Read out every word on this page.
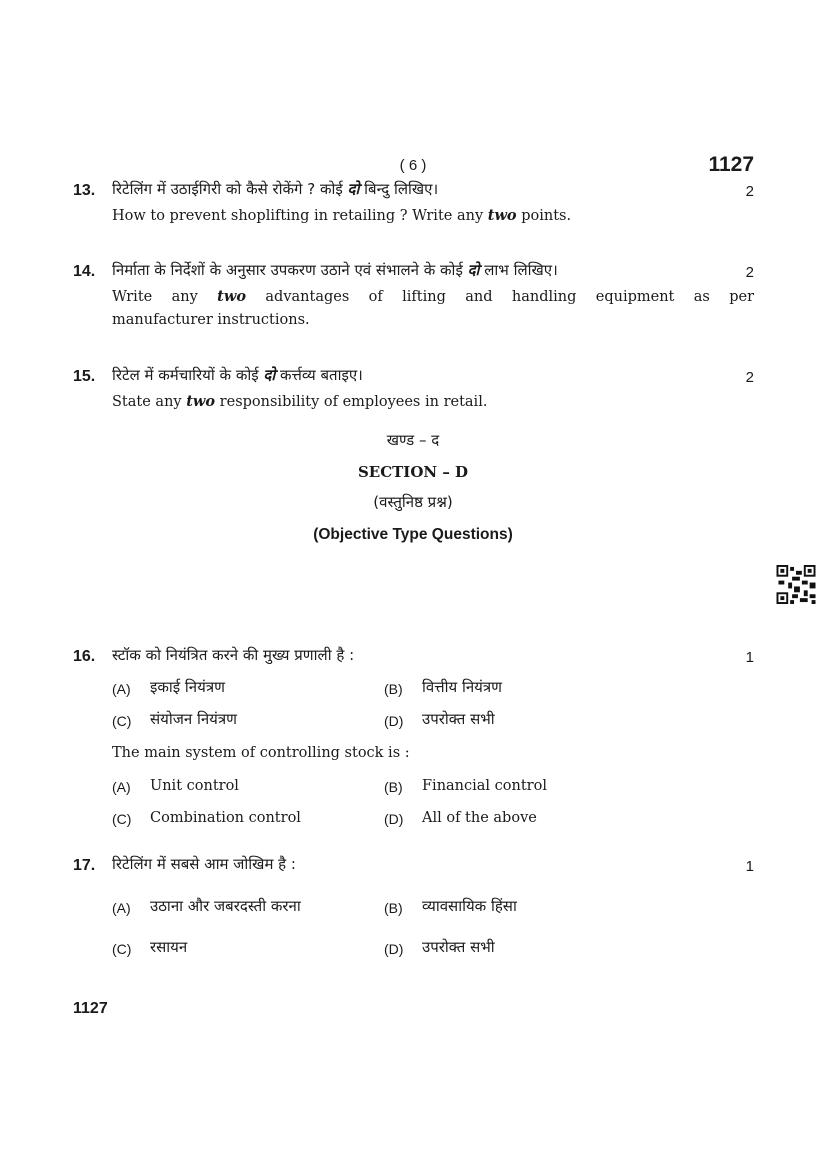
( 6 )	1127
13. रिटेलिंग में उठाईगिरी को कैसे रोकेंगे ? कोई दो बिन्दु लिखिए।	2
How to prevent shoplifting in retailing ? Write any two points.
14. निर्माता के निर्देशों के अनुसार उपकरण उठाने एवं संभालने के कोई दो लाभ लिखिए।	2
Write any two advantages of lifting and handling equipment as per
manufacturer instructions.
15. रिटेल में कर्मचारियों के कोई दो कर्त्तव्य बताइए।	2
State any two responsibility of employees in retail.
खण्ड – द
SECTION – D
(वस्तुनिष्ठ प्रश्न)
(Objective Type Questions)
16. स्टॉक को नियंत्रित करने की मुख्य प्रणाली है :	1
(A) इकाई नियंत्रण	(B) वित्तीय नियंत्रण
(C) संयोजन नियंत्रण	(D) उपरोक्त सभी
The main system of controlling stock is :
(A) Unit control	(B) Financial control
(C) Combination control	(D) All of the above
17. रिटेलिंग में सबसे आम जोखिम है :	1
(A) उठाना और जबरदस्ती करना	(B) व्यावसायिक हिंसा
(C) रसायन	(D) उपरोक्त सभी
1127
